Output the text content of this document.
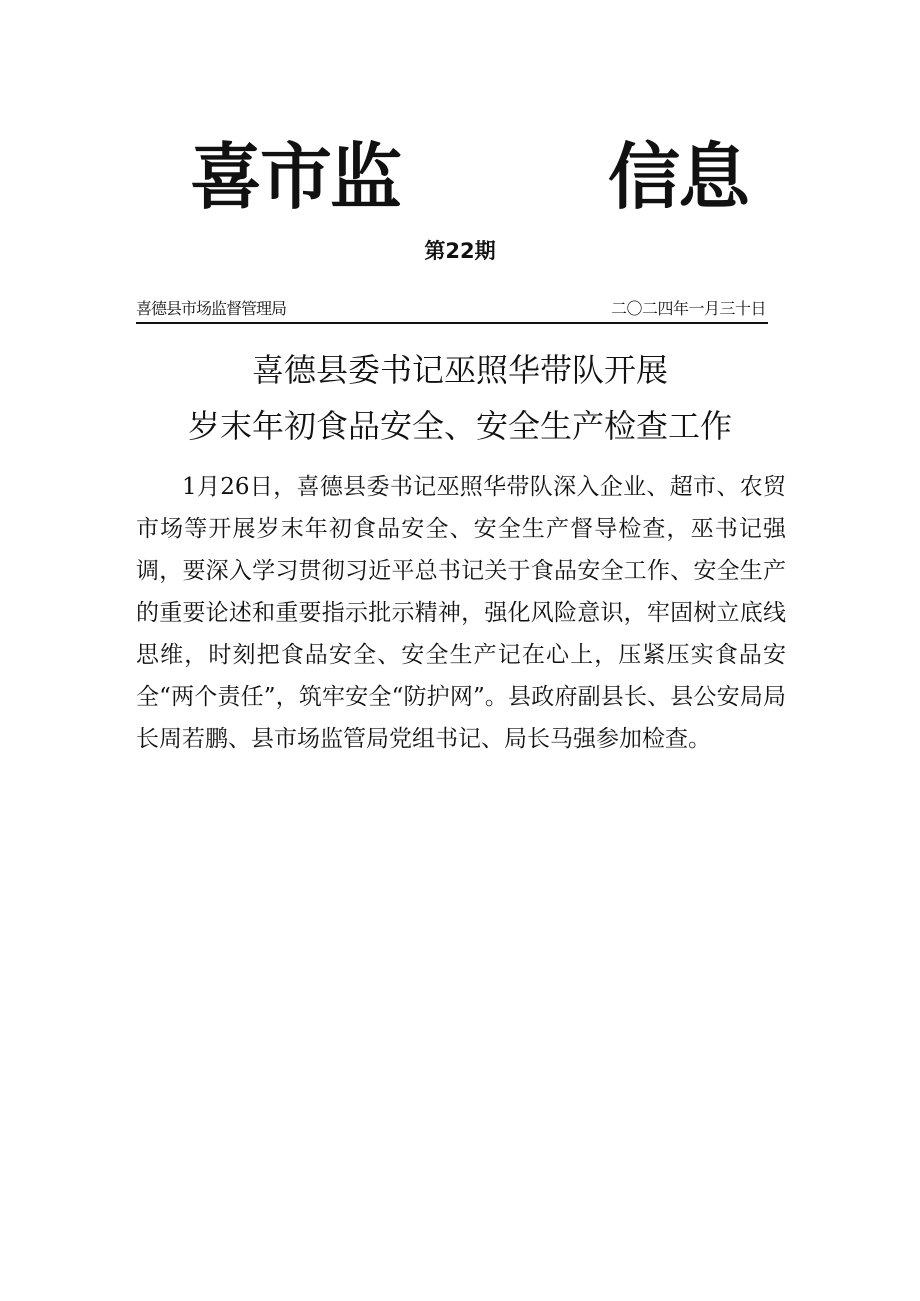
喜市监	信息
第22期
喜德县市场监督管理局	二〇二四年一月三十日
喜德县委书记巫照华带队开展
岁末年初食品安全、安全生产检查工作

1月26日，喜德县委书记巫照华带队深入企业、超市、农贸市场等开展岁末年初食品安全、安全生产督导检查，巫书记强调，要深入学习贯彻习近平总书记关于食品安全工作、安全生产的重要论述和重要指示批示精神，强化风险意识，牢固树立底线思维，时刻把食品安全、安全生产记在心上，压紧压实食品安全“两个责任”，筑牢安全“防护网”。县政府副县长、县公安局局长周若鹏、县市场监管局党组书记、局长马强参加检查。
